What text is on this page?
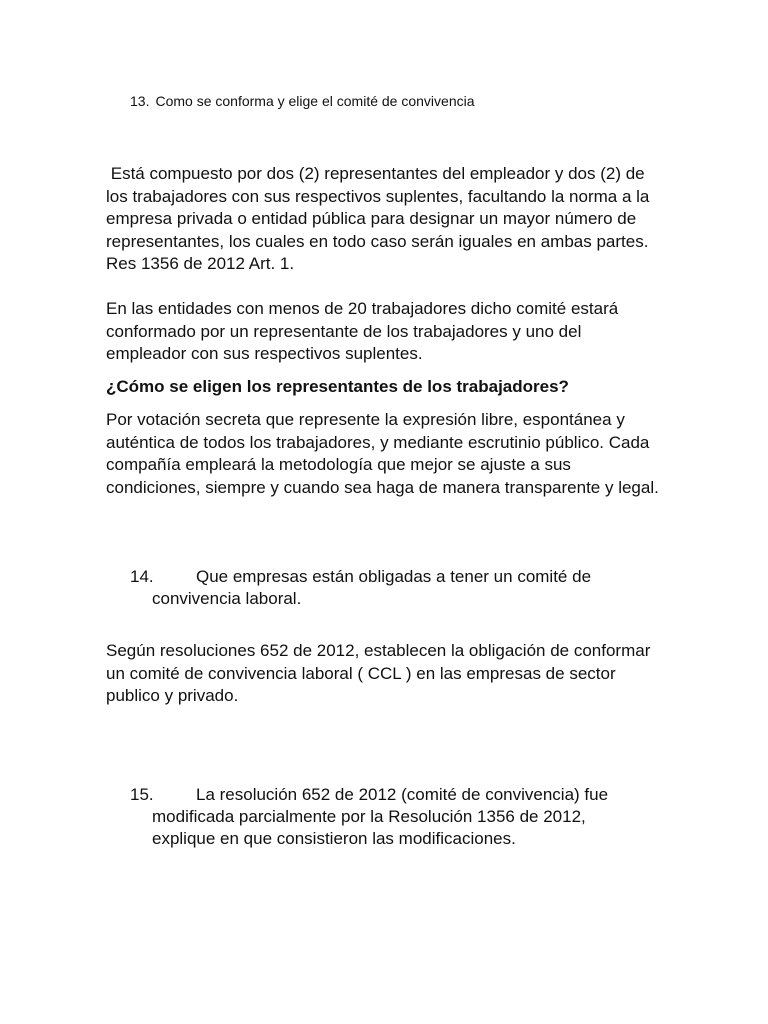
13. Como se conforma y elige el comité de convivencia

Está compuesto por dos (2) representantes del empleador y dos (2) de los trabajadores con sus respectivos suplentes, facultando la norma a la empresa privada o entidad pública para designar un mayor número de representantes, los cuales en todo caso serán iguales en ambas partes. Res 1356 de 2012 Art. 1.

En las entidades con menos de 20 trabajadores dicho comité estará conformado por un representante de los trabajadores y uno del empleador con sus respectivos suplentes.

¿Cómo se eligen los representantes de los trabajadores?

Por votación secreta que represente la expresión libre, espontánea y auténtica de todos los trabajadores, y mediante escrutinio público. Cada compañía empleará la metodología que mejor se ajuste a sus condiciones, siempre y cuando sea haga de manera transparente y legal.

14. Que empresas están obligadas a tener un comité de
convivencia laboral.

Según resoluciones 652 de 2012, establecen la obligación de conformar un comité de convivencia laboral ( CCL ) en las empresas de sector publico y privado.

15. La resolución 652 de 2012 (comité de convivencia) fue
modificada parcialmente por la Resolución 1356 de 2012,
explique en que consistieron las modificaciones.
